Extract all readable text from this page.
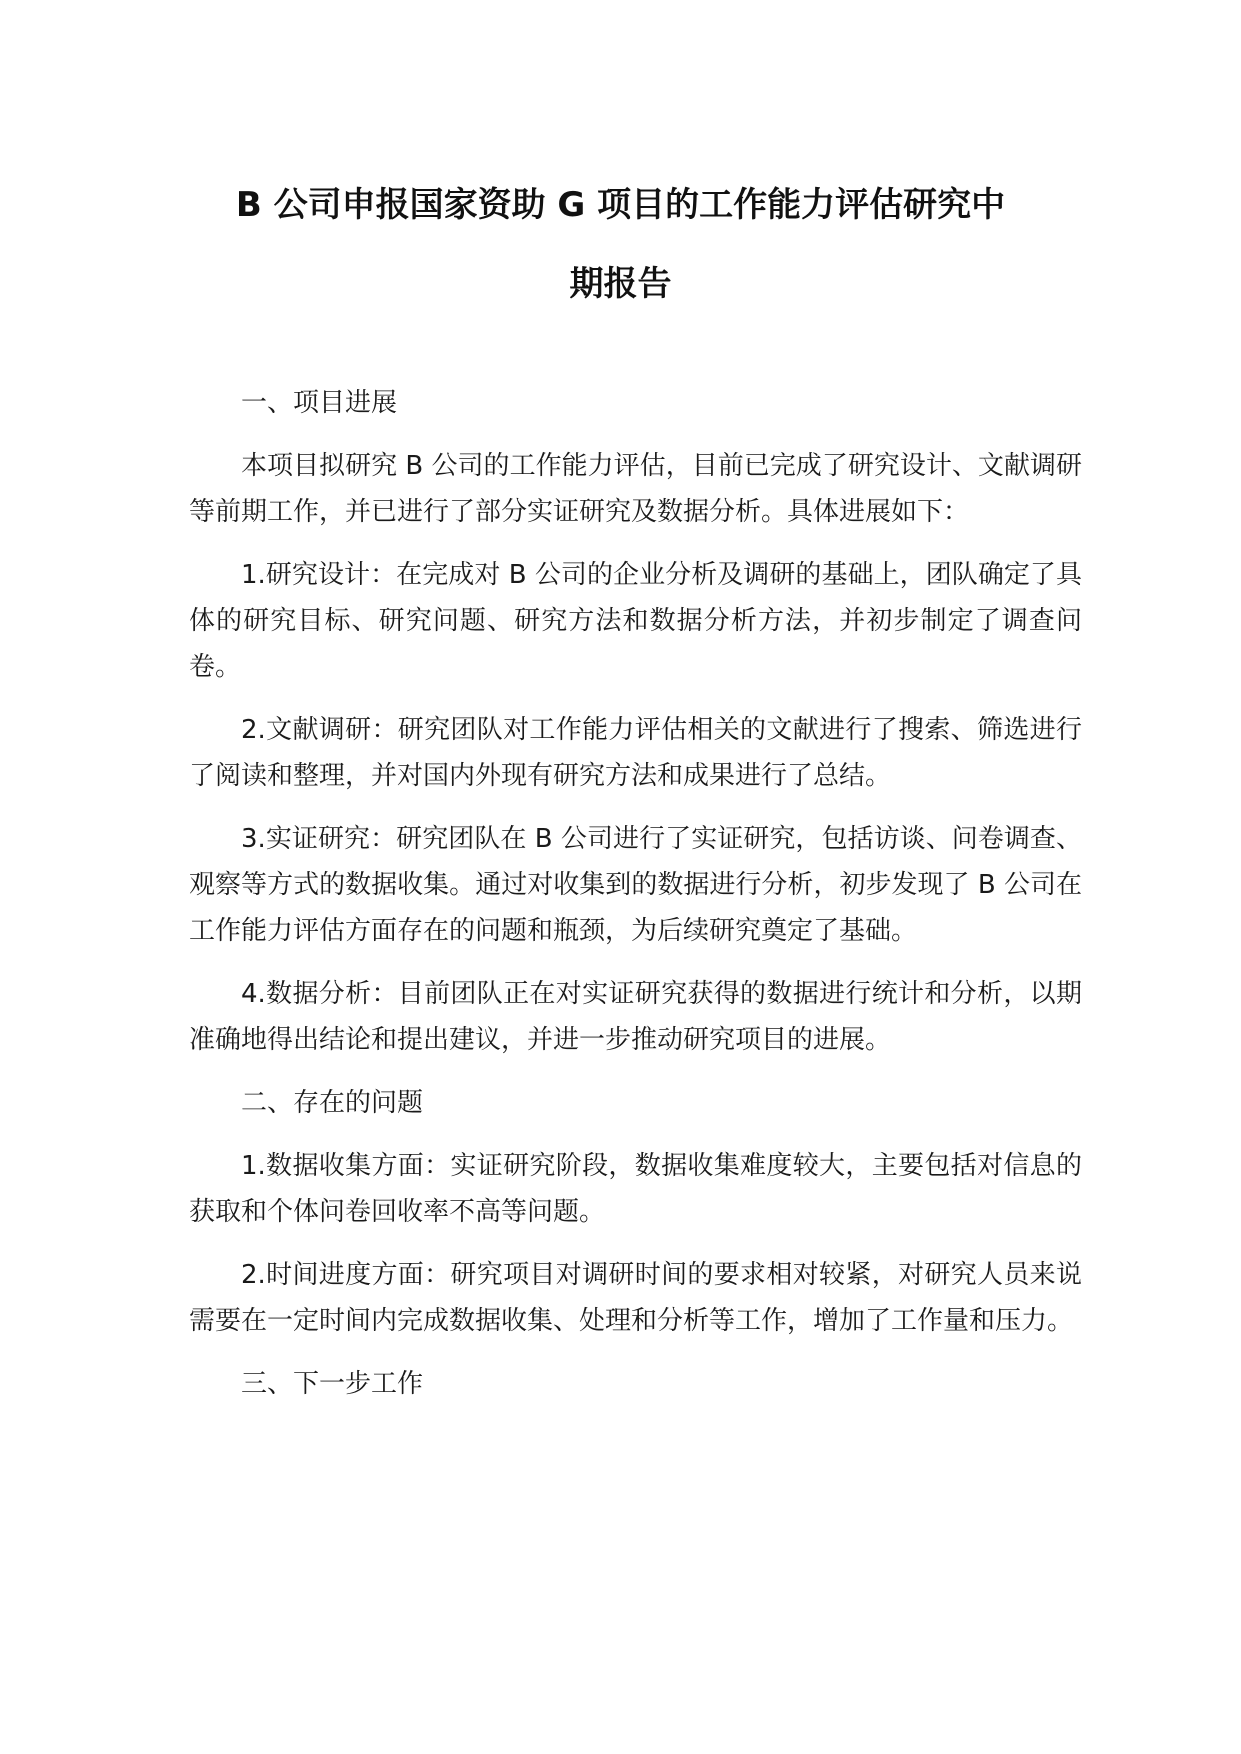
B 公司申报国家资助 G 项目的工作能力评估研究中
期报告

一、项目进展

本项目拟研究 B 公司的工作能力评估，目前已完成了研究设计、文献调研等前期工作，并已进行了部分实证研究及数据分析。具体进展如下：

1.研究设计：在完成对 B 公司的企业分析及调研的基础上，团队确定了具体的研究目标、研究问题、研究方法和数据分析方法，并初步制定了调查问卷。

2.文献调研：研究团队对工作能力评估相关的文献进行了搜索、筛选进行了阅读和整理，并对国内外现有研究方法和成果进行了总结。

3.实证研究：研究团队在 B 公司进行了实证研究，包括访谈、问卷调查、观察等方式的数据收集。通过对收集到的数据进行分析，初步发现了 B 公司在工作能力评估方面存在的问题和瓶颈，为后续研究奠定了基础。

4.数据分析：目前团队正在对实证研究获得的数据进行统计和分析，以期准确地得出结论和提出建议，并进一步推动研究项目的进展。

二、存在的问题

1.数据收集方面：实证研究阶段，数据收集难度较大，主要包括对信息的获取和个体问卷回收率不高等问题。

2.时间进度方面：研究项目对调研时间的要求相对较紧，对研究人员来说需要在一定时间内完成数据收集、处理和分析等工作，增加了工作量和压力。

三、下一步工作
